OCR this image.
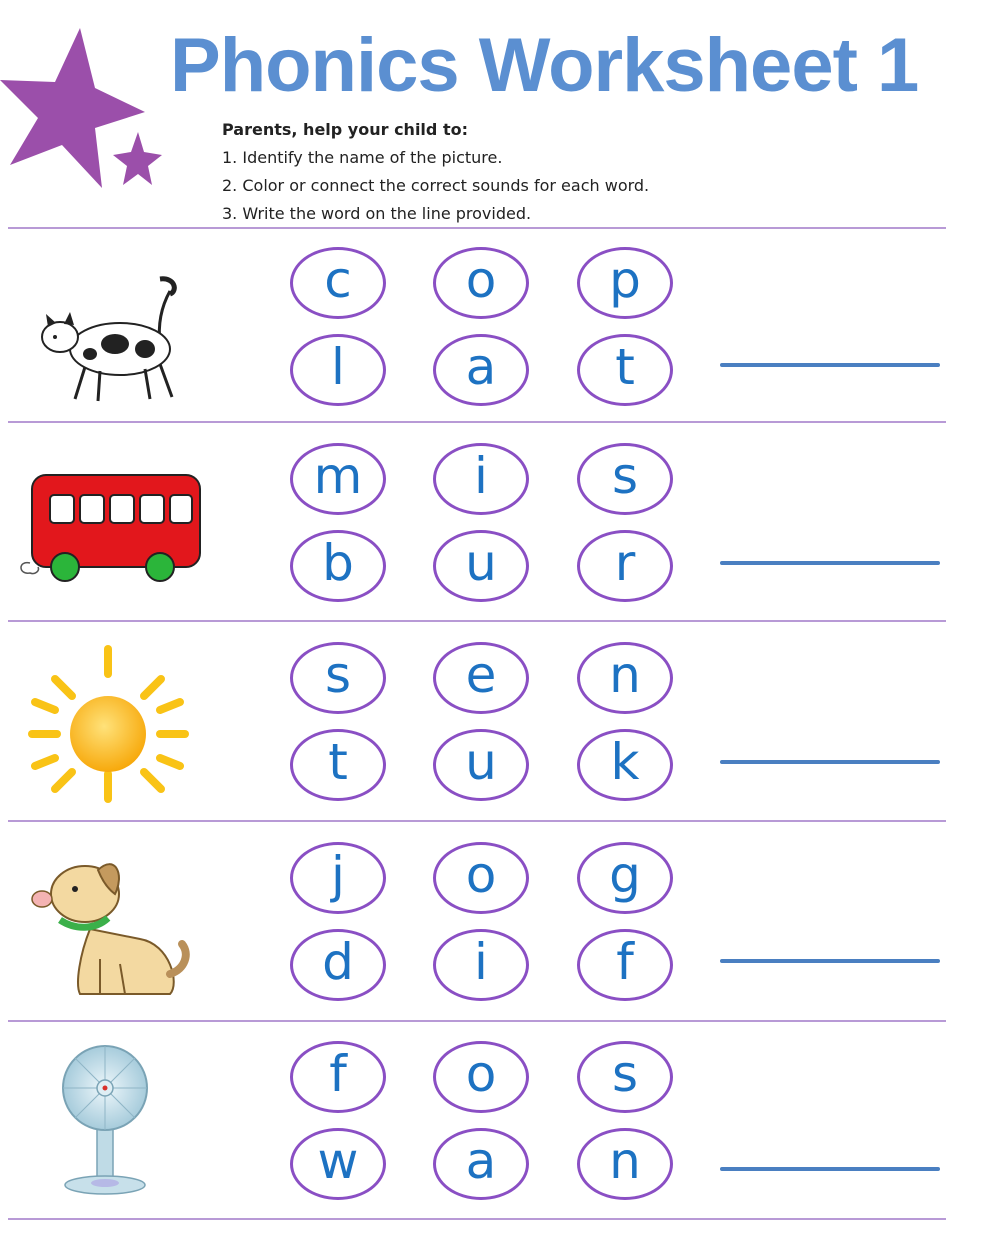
Phonics Worksheet 1
Parents, help your child to:
1. Identify the name of the picture.
2. Color or connect the correct sounds for each word.
3. Write the word on the line provided.
c	o	p
l	a	t
m	i	s
b	u	r
s	e	n
t	u	k
j	o	g
d	i	f
f	o	s
w	a	n
